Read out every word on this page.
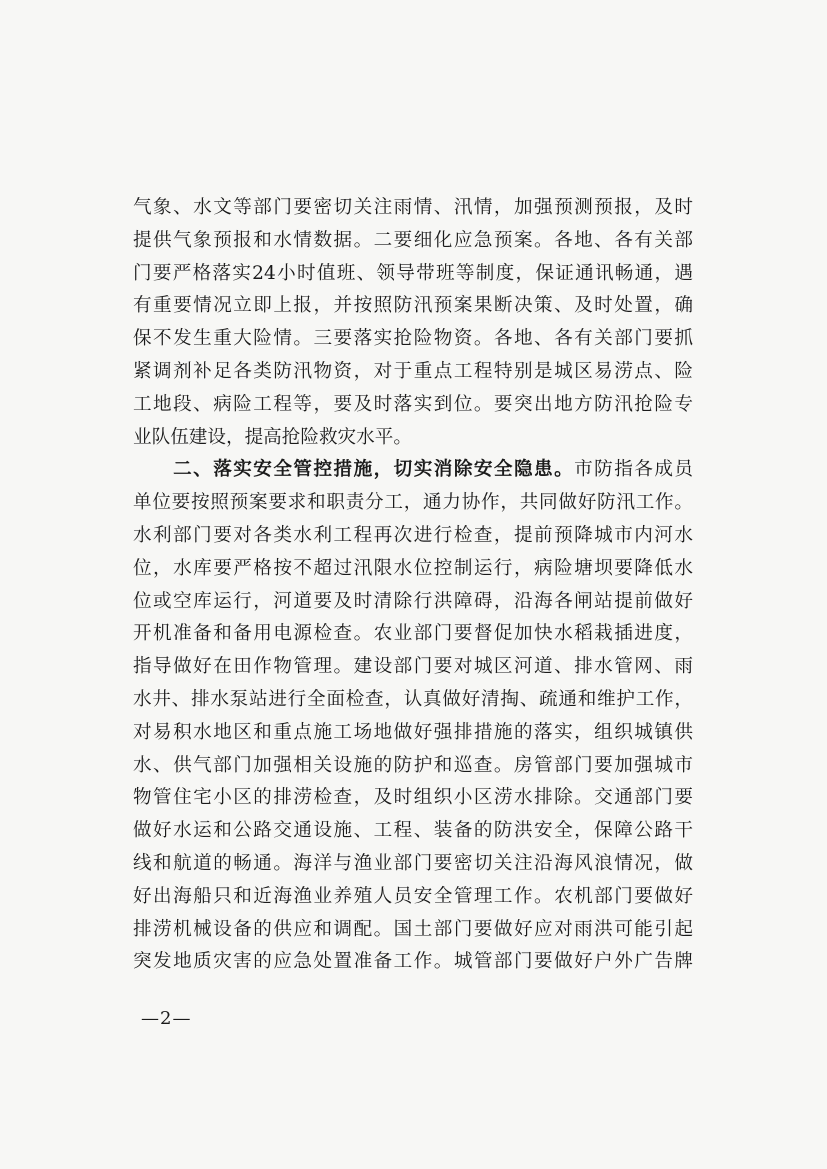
气象、水文等部门要密切关注雨情、汛情，加强预测预报，及时
提供气象预报和水情数据。二要细化应急预案。各地、各有关部
门要严格落实24小时值班、领导带班等制度，保证通讯畅通，遇
有重要情况立即上报，并按照防汛预案果断决策、及时处置，确
保不发生重大险情。三要落实抢险物资。各地、各有关部门要抓
紧调剂补足各类防汛物资，对于重点工程特别是城区易涝点、险
工地段、病险工程等，要及时落实到位。要突出地方防汛抢险专
业队伍建设，提高抢险救灾水平。
　　二、落实安全管控措施，切实消除安全隐患。市防指各成员
单位要按照预案要求和职责分工，通力协作，共同做好防汛工作。
水利部门要对各类水利工程再次进行检查，提前预降城市内河水
位，水库要严格按不超过汛限水位控制运行，病险塘坝要降低水
位或空库运行，河道要及时清除行洪障碍，沿海各闸站提前做好
开机准备和备用电源检查。农业部门要督促加快水稻栽插进度，
指导做好在田作物管理。建设部门要对城区河道、排水管网、雨
水井、排水泵站进行全面检查，认真做好清掏、疏通和维护工作，
对易积水地区和重点施工场地做好强排措施的落实，组织城镇供
水、供气部门加强相关设施的防护和巡查。房管部门要加强城市
物管住宅小区的排涝检查，及时组织小区涝水排除。交通部门要
做好水运和公路交通设施、工程、装备的防洪安全，保障公路干
线和航道的畅通。海洋与渔业部门要密切关注沿海风浪情况，做
好出海船只和近海渔业养殖人员安全管理工作。农机部门要做好
排涝机械设备的供应和调配。国土部门要做好应对雨洪可能引起
突发地质灾害的应急处置准备工作。城管部门要做好户外广告牌
—2—
